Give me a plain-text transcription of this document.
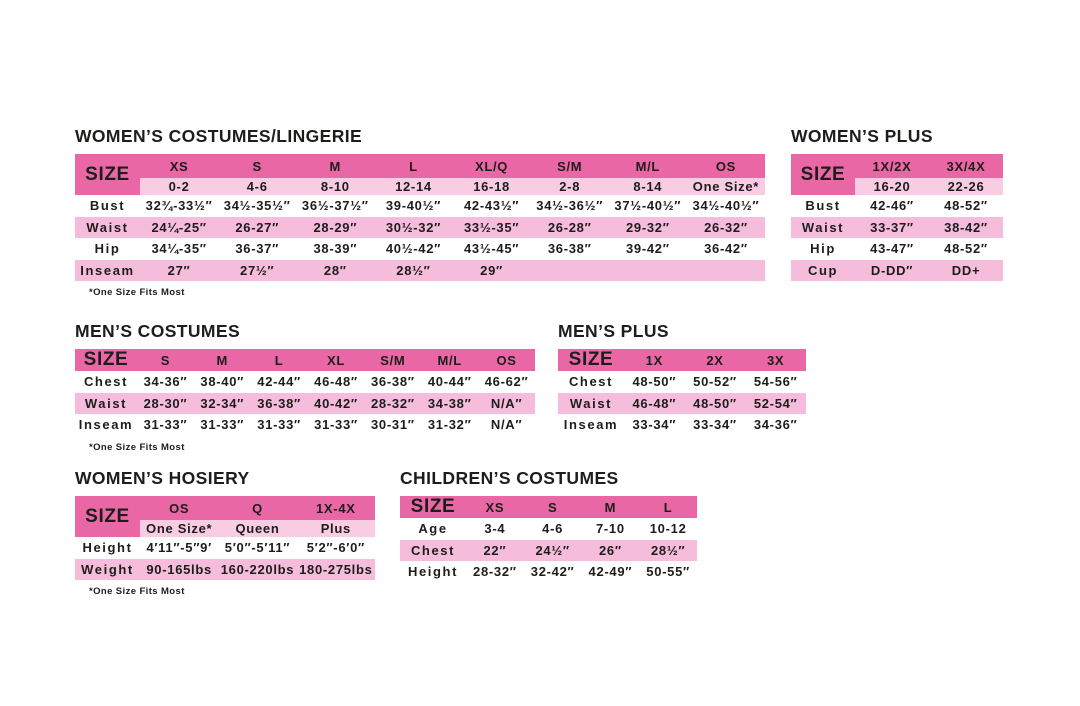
WOMEN’S COSTUMES/LINGERIE
SIZE	XS	S	M	L	XL/Q	S/M	M/L	OS
0-2	4-6	8-10	12-14	16-18	2-8	8-14	One Size*
Bust	32¾-33½″ 34½-35½″ 36½-37½″	39-40½″	42-43½″	34½-36½″ 37½-40½″ 34½-40½″
Waist	24¼-25″	26-27″	28-29″	30½-32″	33½-35″	26-28″	29-32″	26-32″
Hip	34¼-35″	36-37″	38-39″	40½-42″	43½-45″	36-38″	39-42″	36-42″
Inseam	27″	27½″	28″	28½″	29″
*One Size Fits Most
WOMEN’S PLUS
SIZE	1X/2X	3X/4X
16-20	22-26
Bust	42-46″	48-52″
Waist	33-37″	38-42″
Hip	43-47″	48-52″
Cup	D-DD″	DD+
MEN’S COSTUMES
SIZE	S	M	L	XL	S/M	M/L	OS
Chest	34-36″	38-40″	42-44″	46-48″	36-38″	40-44″	46-62″
Waist	28-30″	32-34″	36-38″	40-42″	28-32″	34-38″	N/A″
Inseam 31-33″	31-33″	31-33″	31-33″	30-31″	31-32″	N/A″
*One Size Fits Most
MEN’S PLUS
SIZE	1X	2X	3X
Chest	48-50″	50-52″	54-56″
Waist	46-48″	48-50″	52-54″
Inseam	33-34″	33-34″	34-36″
WOMEN’S HOSIERY
SIZE	OS	Q	1X-4X
One Size*	Queen	Plus
Height	4′11″-5″9′ 5′0″-5′11″	5′2″-6′0″
Weight 90-165lbs 160-220lbs 180-275lbs
*One Size Fits Most
CHILDREN’S COSTUMES
SIZE	XS	S	M	L
Age	3-4	4-6	7-10	10-12
Chest	22″	24½″	26″	28½″
Height	28-32″	32-42″	42-49″	50-55″
